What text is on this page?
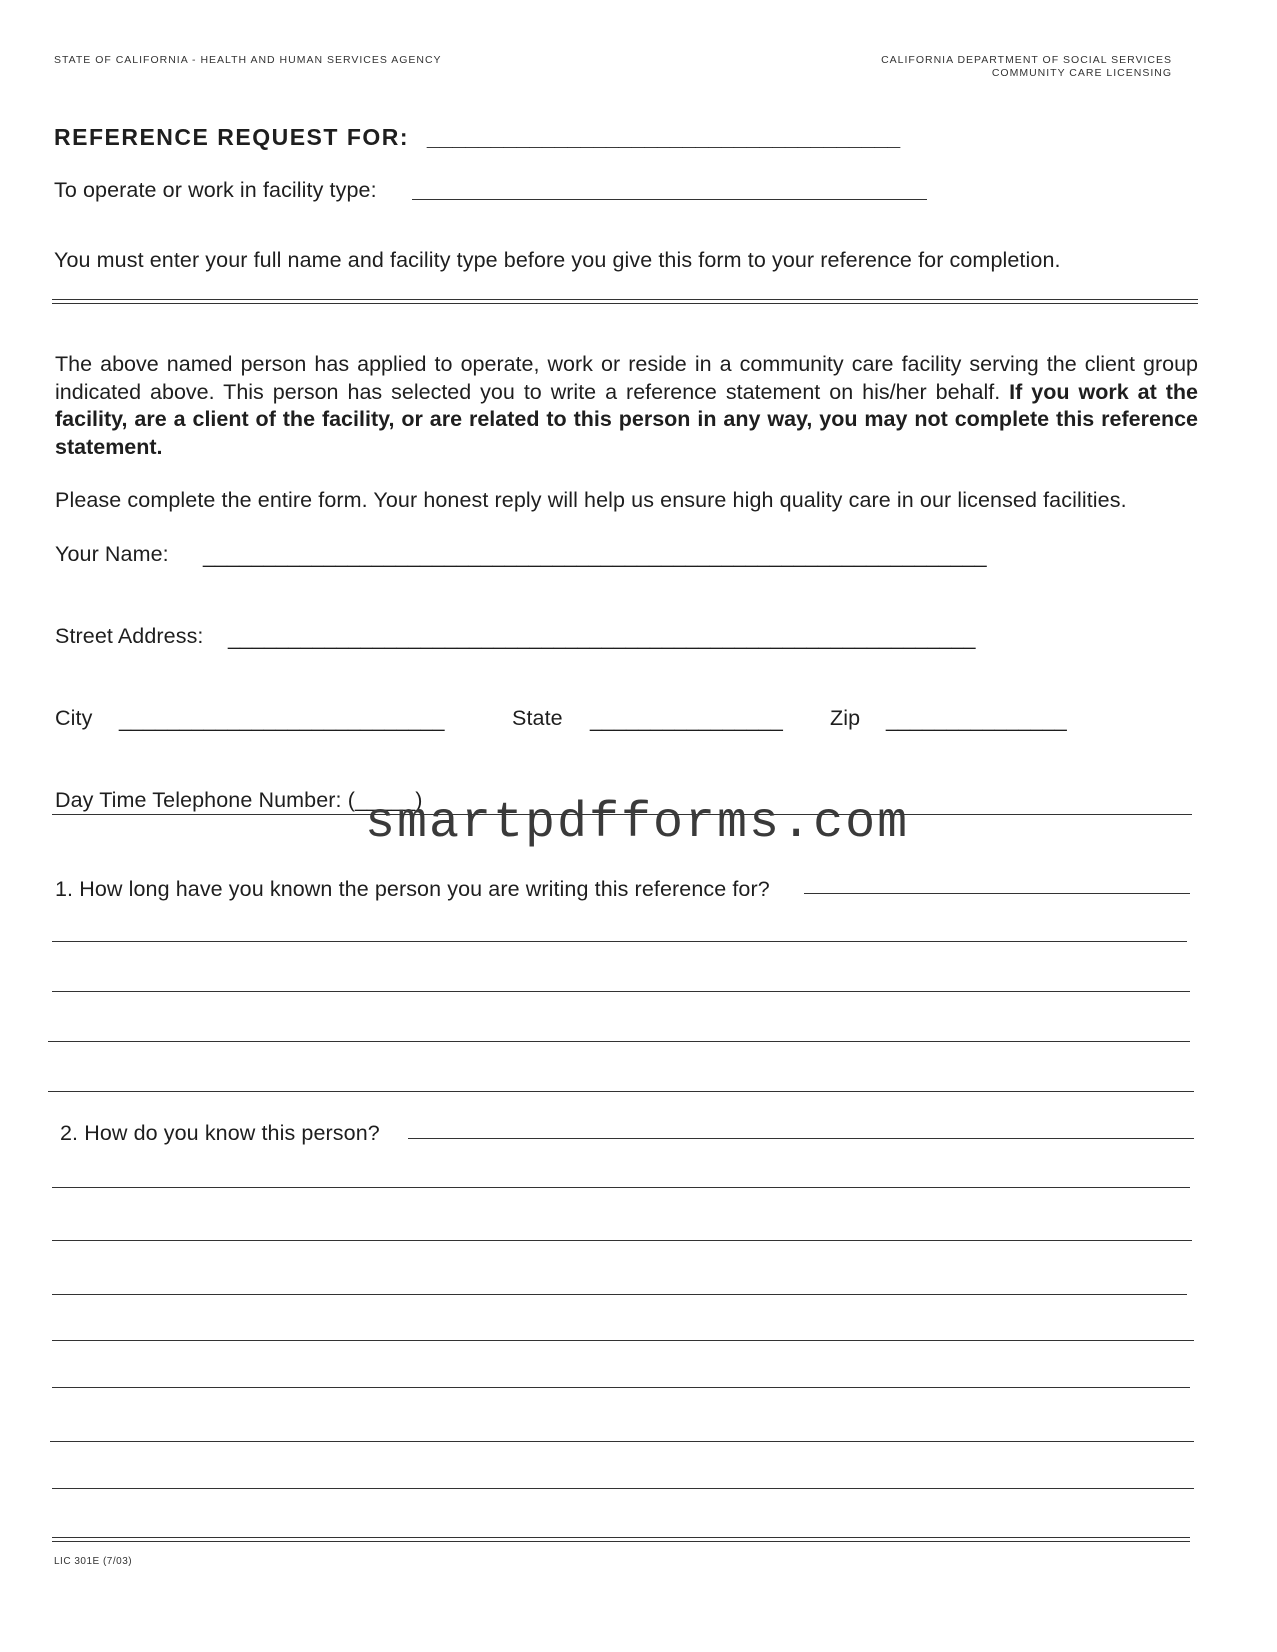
STATE OF CALIFORNIA - HEALTH AND HUMAN SERVICES AGENCY	CALIFORNIA DEPARTMENT OF SOCIAL SERVICES
COMMUNITY CARE LICENSING
REFERENCE REQUEST FOR: _____________________________________
To operate or work in facility type:
You must enter your full name and facility type before you give this form to your reference for completion.
The above named person has applied to operate, work or reside in a community care facility serving the client group indicated above. This person has selected you to write a reference statement on his/her behalf. If you work at the facility, are a client of the facility, or are related to this person in any way, you may not complete this reference statement.
Please complete the entire form. Your honest reply will help us ensure high quality care in our licensed facilities.
Your Name: _________________________________________________________________
Street Address: ______________________________________________________________
City ___________________________	State ________________ Zip _______________
Day Time Telephone Number: (_____)
smartpdfforms.com
1. How long have you known the person you are writing this reference for?
2. How do you know this person?
LIC 301E (7/03)
